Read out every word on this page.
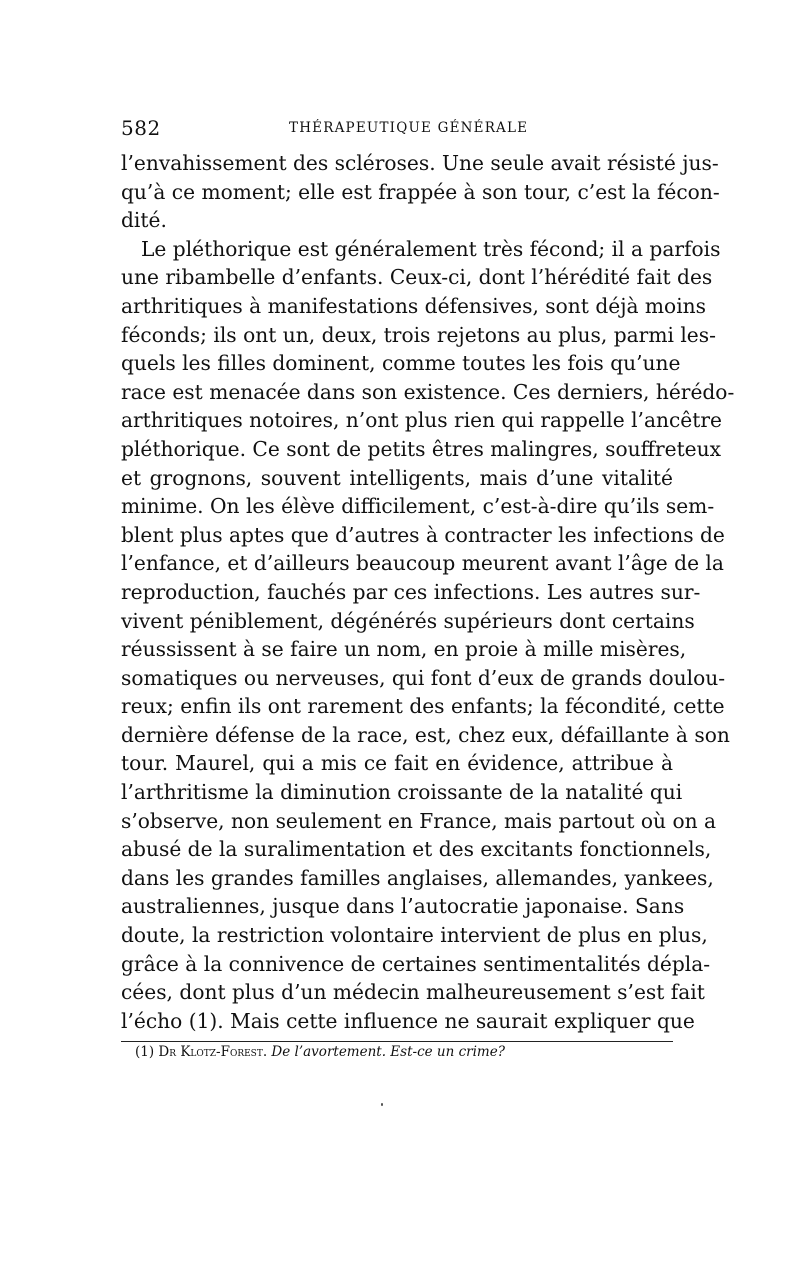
582	THÉRAPEUTIQUE GÉNÉRALE
l’envahissement des scléroses. Une seule avait résisté jus-
qu’à ce moment; elle est frappée à son tour, c’est la fécon-
dité.
Le pléthorique est généralement très fécond; il a parfois
une ribambelle d’enfants. Ceux-ci, dont l’hérédité fait des
arthritiques à manifestations défensives, sont déjà moins
féconds; ils ont un, deux, trois rejetons au plus, parmi les-
quels les filles dominent, comme toutes les fois qu’une
race est menacée dans son existence. Ces derniers, hérédo-
arthritiques notoires, n’ont plus rien qui rappelle l’ancêtre
pléthorique. Ce sont de petits êtres malingres, souffreteux
et grognons, souvent intelligents, mais d’une vitalité
minime. On les élève difficilement, c’est-à-dire qu’ils sem-
blent plus aptes que d’autres à contracter les infections de
l’enfance, et d’ailleurs beaucoup meurent avant l’âge de la
reproduction, fauchés par ces infections. Les autres sur-
vivent péniblement, dégénérés supérieurs dont certains
réussissent à se faire un nom, en proie à mille misères,
somatiques ou nerveuses, qui font d’eux de grands doulou-
reux; enfin ils ont rarement des enfants; la fécondité, cette
dernière défense de la race, est, chez eux, défaillante à son
tour. Maurel, qui a mis ce fait en évidence, attribue à
l’arthritisme la diminution croissante de la natalité qui
s’observe, non seulement en France, mais partout où on a
abusé de la suralimentation et des excitants fonctionnels,
dans les grandes familles anglaises, allemandes, yankees,
australiennes, jusque dans l’autocratie japonaise. Sans
doute, la restriction volontaire intervient de plus en plus,
grâce à la connivence de certaines sentimentalités dépla-
cées, dont plus d’un médecin malheureusement s’est fait
l’écho (1). Mais cette influence ne saurait expliquer que
(1) Dr Klotz-Forest. De l’avortement. Est-ce un crime?
